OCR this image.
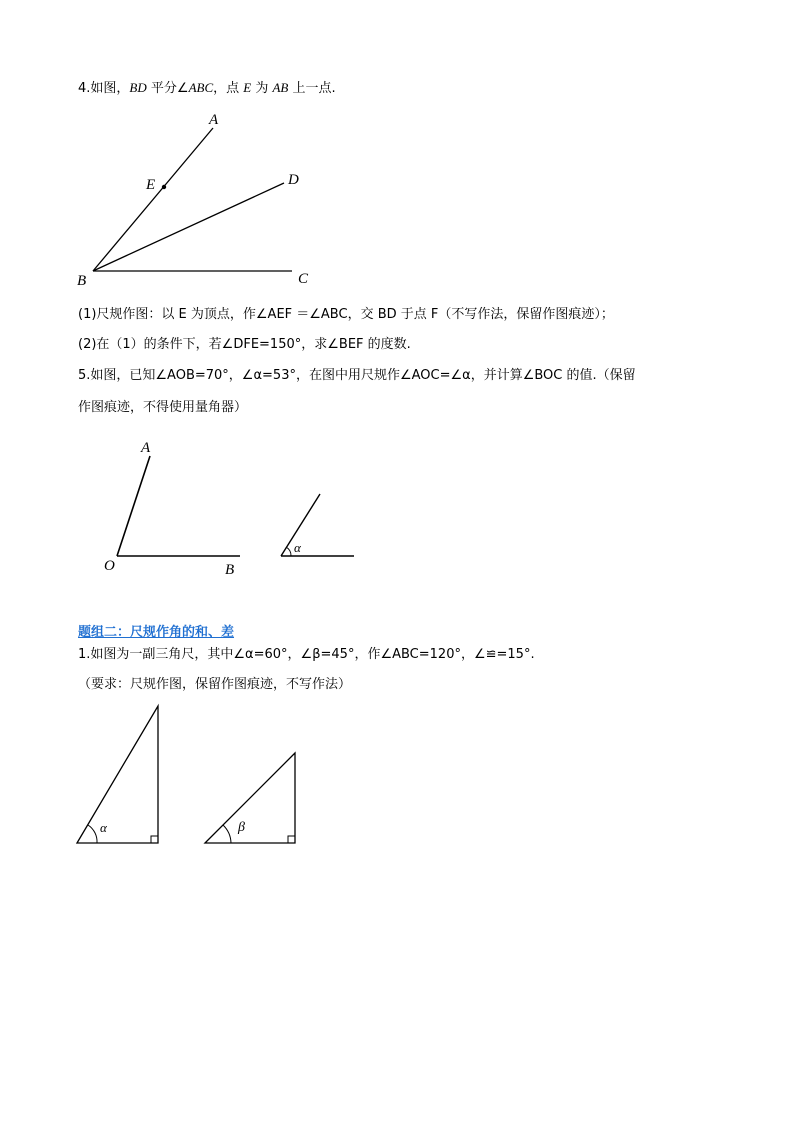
4.如图，BD 平分∠ABC，点 E 为 AB 上一点.
A
E	D
B	C
(1)尺规作图：以 E 为顶点，作∠AEF ＝∠ABC，交 BD 于点 F（不写作法，保留作图痕迹）；
(2)在（1）的条件下，若∠DFE=150°，求∠BEF 的度数.
5.如图，已知∠AOB=70°，∠α=53°，在图中用尺规作∠AOC=∠α，并计算∠BOC 的值.（保留
作图痕迹，不得使用量角器）
A
O	B
α
题组二：尺规作角的和、差
1.如图为一副三角尺，其中∠α=60°，∠β=45°，作∠ABC=120°，∠≌=15°.
（要求：尺规作图，保留作图痕迹，不写作法）
α	β
